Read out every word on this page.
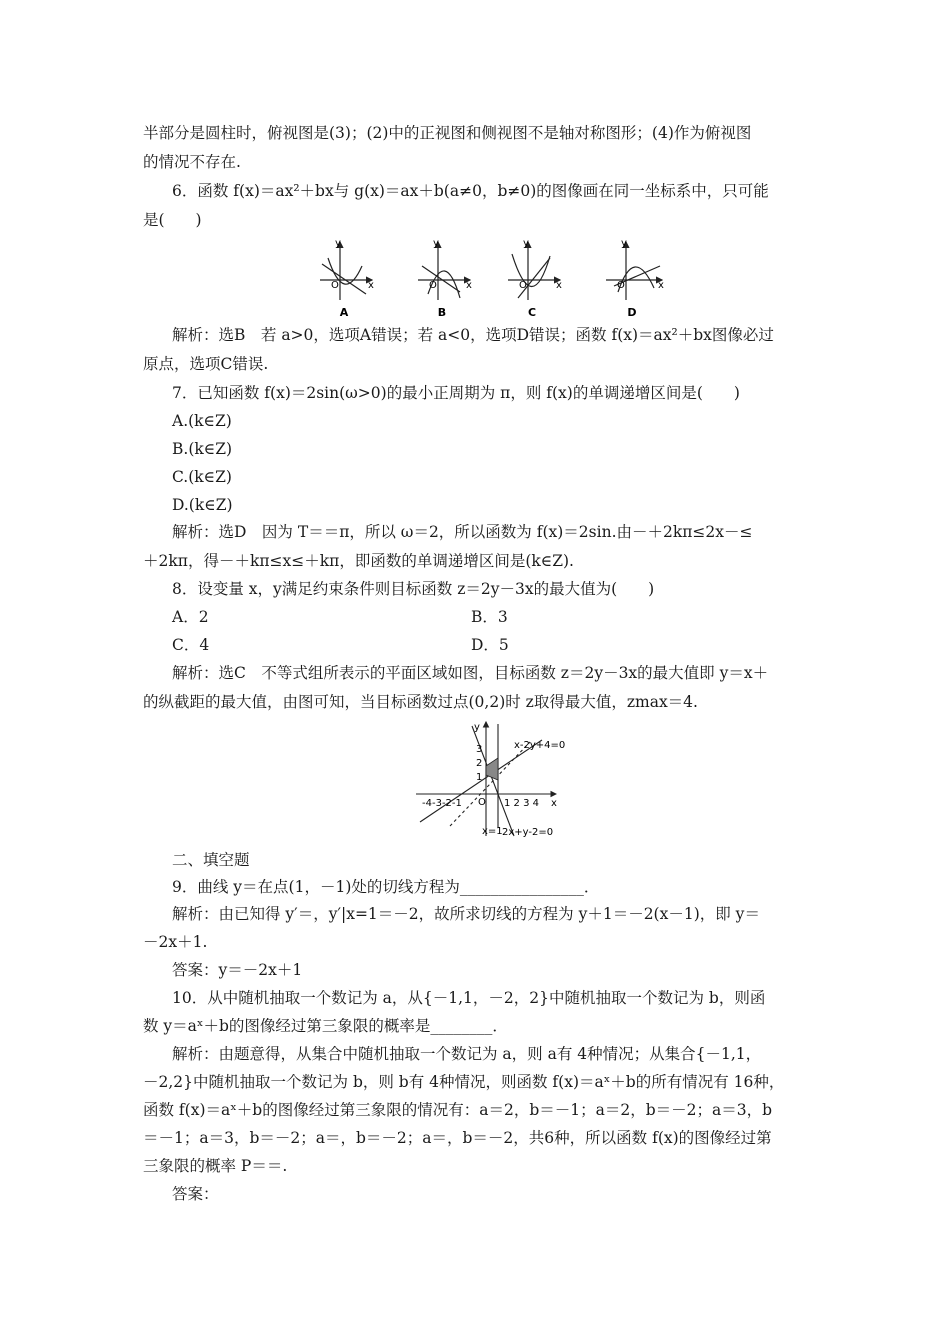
半部分是圆柱时，俯视图是(3)；(2)中的正视图和侧视图不是轴对称图形；(4)作为俯视图
的情况不存在.
6．函数 f(x)＝ax²＋bx与 g(x)＝ax＋b(a≠0，b≠0)的图像画在同一坐标系中，只可能
是(　　)
y
x
O
A
y
x
O
B
y
x
O
C
y
x
O
D
解析：选B　若 a>0，选项A错误；若 a<0，选项D错误；函数 f(x)＝ax²＋bx图像必过
原点，选项C错误.
7．已知函数 f(x)＝2sin(ω>0)的最小正周期为 π，则 f(x)的单调递增区间是(　　)
A.(k∈Z)
B.(k∈Z)
C.(k∈Z)
D.(k∈Z)
解析：选D　因为 T＝＝π，所以 ω＝2，所以函数为 f(x)＝2sin.由－＋2kπ≤2x－≤
＋2kπ，得－＋kπ≤x≤＋kπ，即函数的单调递增区间是(k∈Z).
8．设变量 x，y满足约束条件则目标函数 z＝2y－3x的最大值为(　　)
A．2	B．3
C．4	D．5
解析：选C　不等式组所表示的平面区域如图，目标函数 z＝2y－3x的最大值即 y＝x＋
的纵截距的最大值，由图可知，当目标函数过点(0,2)时 z取得最大值，zmax＝4.
y
x
O
-4-3-2-1	1 2 3 4
3
2
1
x-2y+4=0
x=1 2x+y-2=0
二、填空题
9．曲线 y＝在点(1，－1)处的切线方程为________________．
解析：由已知得 y′＝，y′|x=1＝－2，故所求切线的方程为 y＋1＝－2(x－1)，即 y＝
－2x＋1.
答案：y＝－2x＋1
10．从中随机抽取一个数记为 a，从{－1,1，－2，2}中随机抽取一个数记为 b，则函
数 y＝aˣ＋b的图像经过第三象限的概率是________．
解析：由题意得，从集合中随机抽取一个数记为 a，则 a有 4种情况；从集合{－1,1，
－2,2}中随机抽取一个数记为 b，则 b有 4种情况，则函数 f(x)＝aˣ＋b的所有情况有 16种，
函数 f(x)＝aˣ＋b的图像经过第三象限的情况有：a＝2，b＝－1；a＝2，b＝－2；a＝3，b
＝－1；a＝3，b＝－2；a＝，b＝－2；a＝，b＝－2，共6种，所以函数 f(x)的图像经过第
三象限的概率 P＝＝.
答案：
